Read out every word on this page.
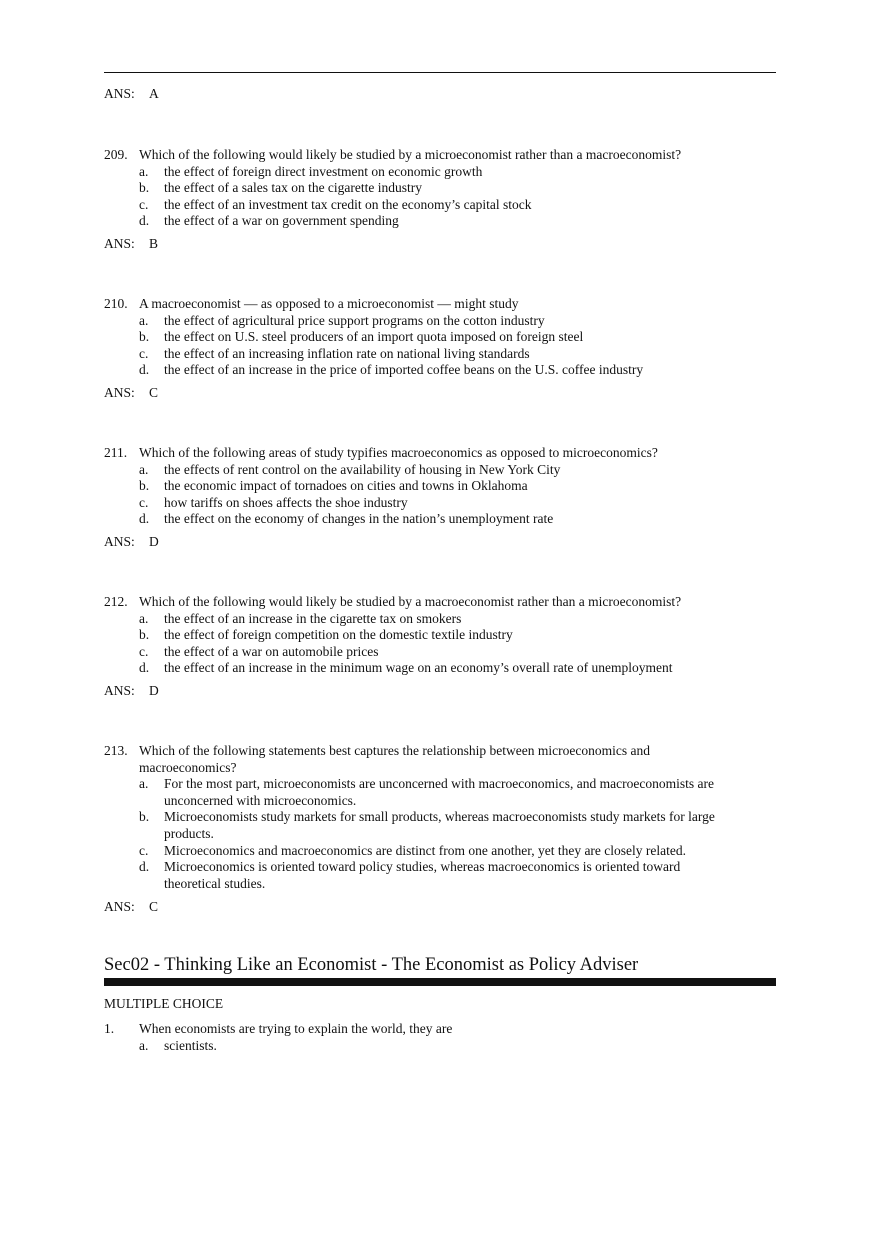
ANS: A
209. Which of the following would likely be studied by a microeconomist rather than a macroeconomist?
a.	the effect of foreign direct investment on economic growth
b.	the effect of a sales tax on the cigarette industry
c.	the effect of an investment tax credit on the economy’s capital stock
d.	the effect of a war on government spending
ANS: B
210. A macroeconomist — as opposed to a microeconomist — might study
a.	the effect of agricultural price support programs on the cotton industry
b.	the effect on U.S. steel producers of an import quota imposed on foreign steel
c.	the effect of an increasing inflation rate on national living standards
d.	the effect of an increase in the price of imported coffee beans on the U.S. coffee industry
ANS: C
211. Which of the following areas of study typifies macroeconomics as opposed to microeconomics?
a.	the effects of rent control on the availability of housing in New York City
b.	the economic impact of tornadoes on cities and towns in Oklahoma
c.	how tariffs on shoes affects the shoe industry
d.	the effect on the economy of changes in the nation’s unemployment rate
ANS: D
212. Which of the following would likely be studied by a macroeconomist rather than a microeconomist?
a.	the effect of an increase in the cigarette tax on smokers
b.	the effect of foreign competition on the domestic textile industry
c.	the effect of a war on automobile prices
d.	the effect of an increase in the minimum wage on an economy’s overall rate of unemployment
ANS: D
213. Which of the following statements best captures the relationship between microeconomics and macroeconomics?
a.	For the most part, microeconomists are unconcerned with macroeconomics, and macroeconomists are unconcerned with microeconomics.
b.	Microeconomists study markets for small products, whereas macroeconomists study markets for large products.
c.	Microeconomics and macroeconomics are distinct from one another, yet they are closely related.
d.	Microeconomics is oriented toward policy studies, whereas macroeconomics is oriented toward theoretical studies.
ANS: C
Sec02 - Thinking Like an Economist - The Economist as Policy Adviser
MULTIPLE CHOICE
1.	When economists are trying to explain the world, they are
a.	scientists.
